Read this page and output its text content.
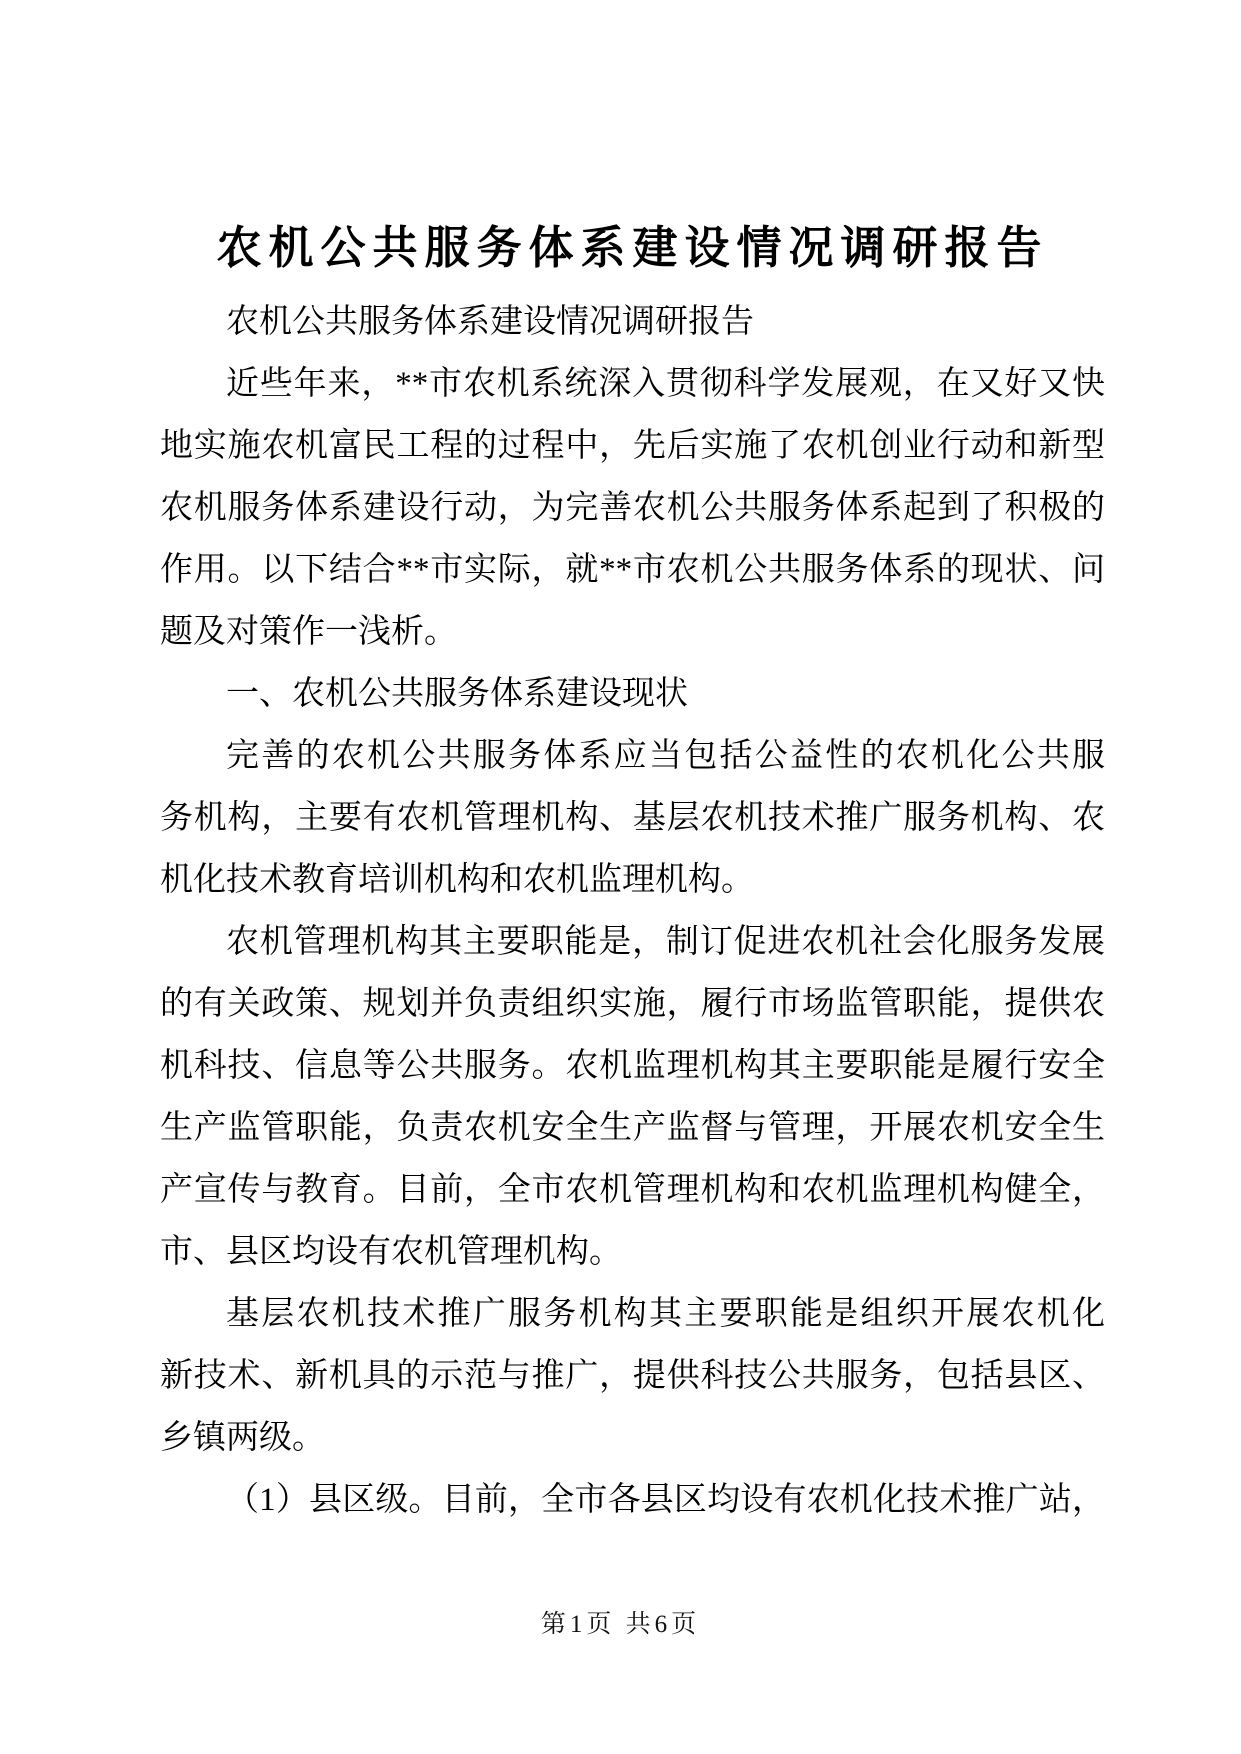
农机公共服务体系建设情况调研报告
农机公共服务体系建设情况调研报告
近些年来，**市农机系统深入贯彻科学发展观，在又好又快
地实施农机富民工程的过程中，先后实施了农机创业行动和新型
农机服务体系建设行动，为完善农机公共服务体系起到了积极的
作用。以下结合**市实际，就**市农机公共服务体系的现状、问
题及对策作一浅析。
一、农机公共服务体系建设现状
完善的农机公共服务体系应当包括公益性的农机化公共服
务机构，主要有农机管理机构、基层农机技术推广服务机构、农
机化技术教育培训机构和农机监理机构。
农机管理机构其主要职能是，制订促进农机社会化服务发展
的有关政策、规划并负责组织实施，履行市场监管职能，提供农
机科技、信息等公共服务。农机监理机构其主要职能是履行安全
生产监管职能，负责农机安全生产监督与管理，开展农机安全生
产宣传与教育。目前，全市农机管理机构和农机监理机构健全，
市、县区均设有农机管理机构。
基层农机技术推广服务机构其主要职能是组织开展农机化
新技术、新机具的示范与推广，提供科技公共服务，包括县区、
乡镇两级。
（1）县区级。目前，全市各县区均设有农机化技术推广站，
第1页 共6页
